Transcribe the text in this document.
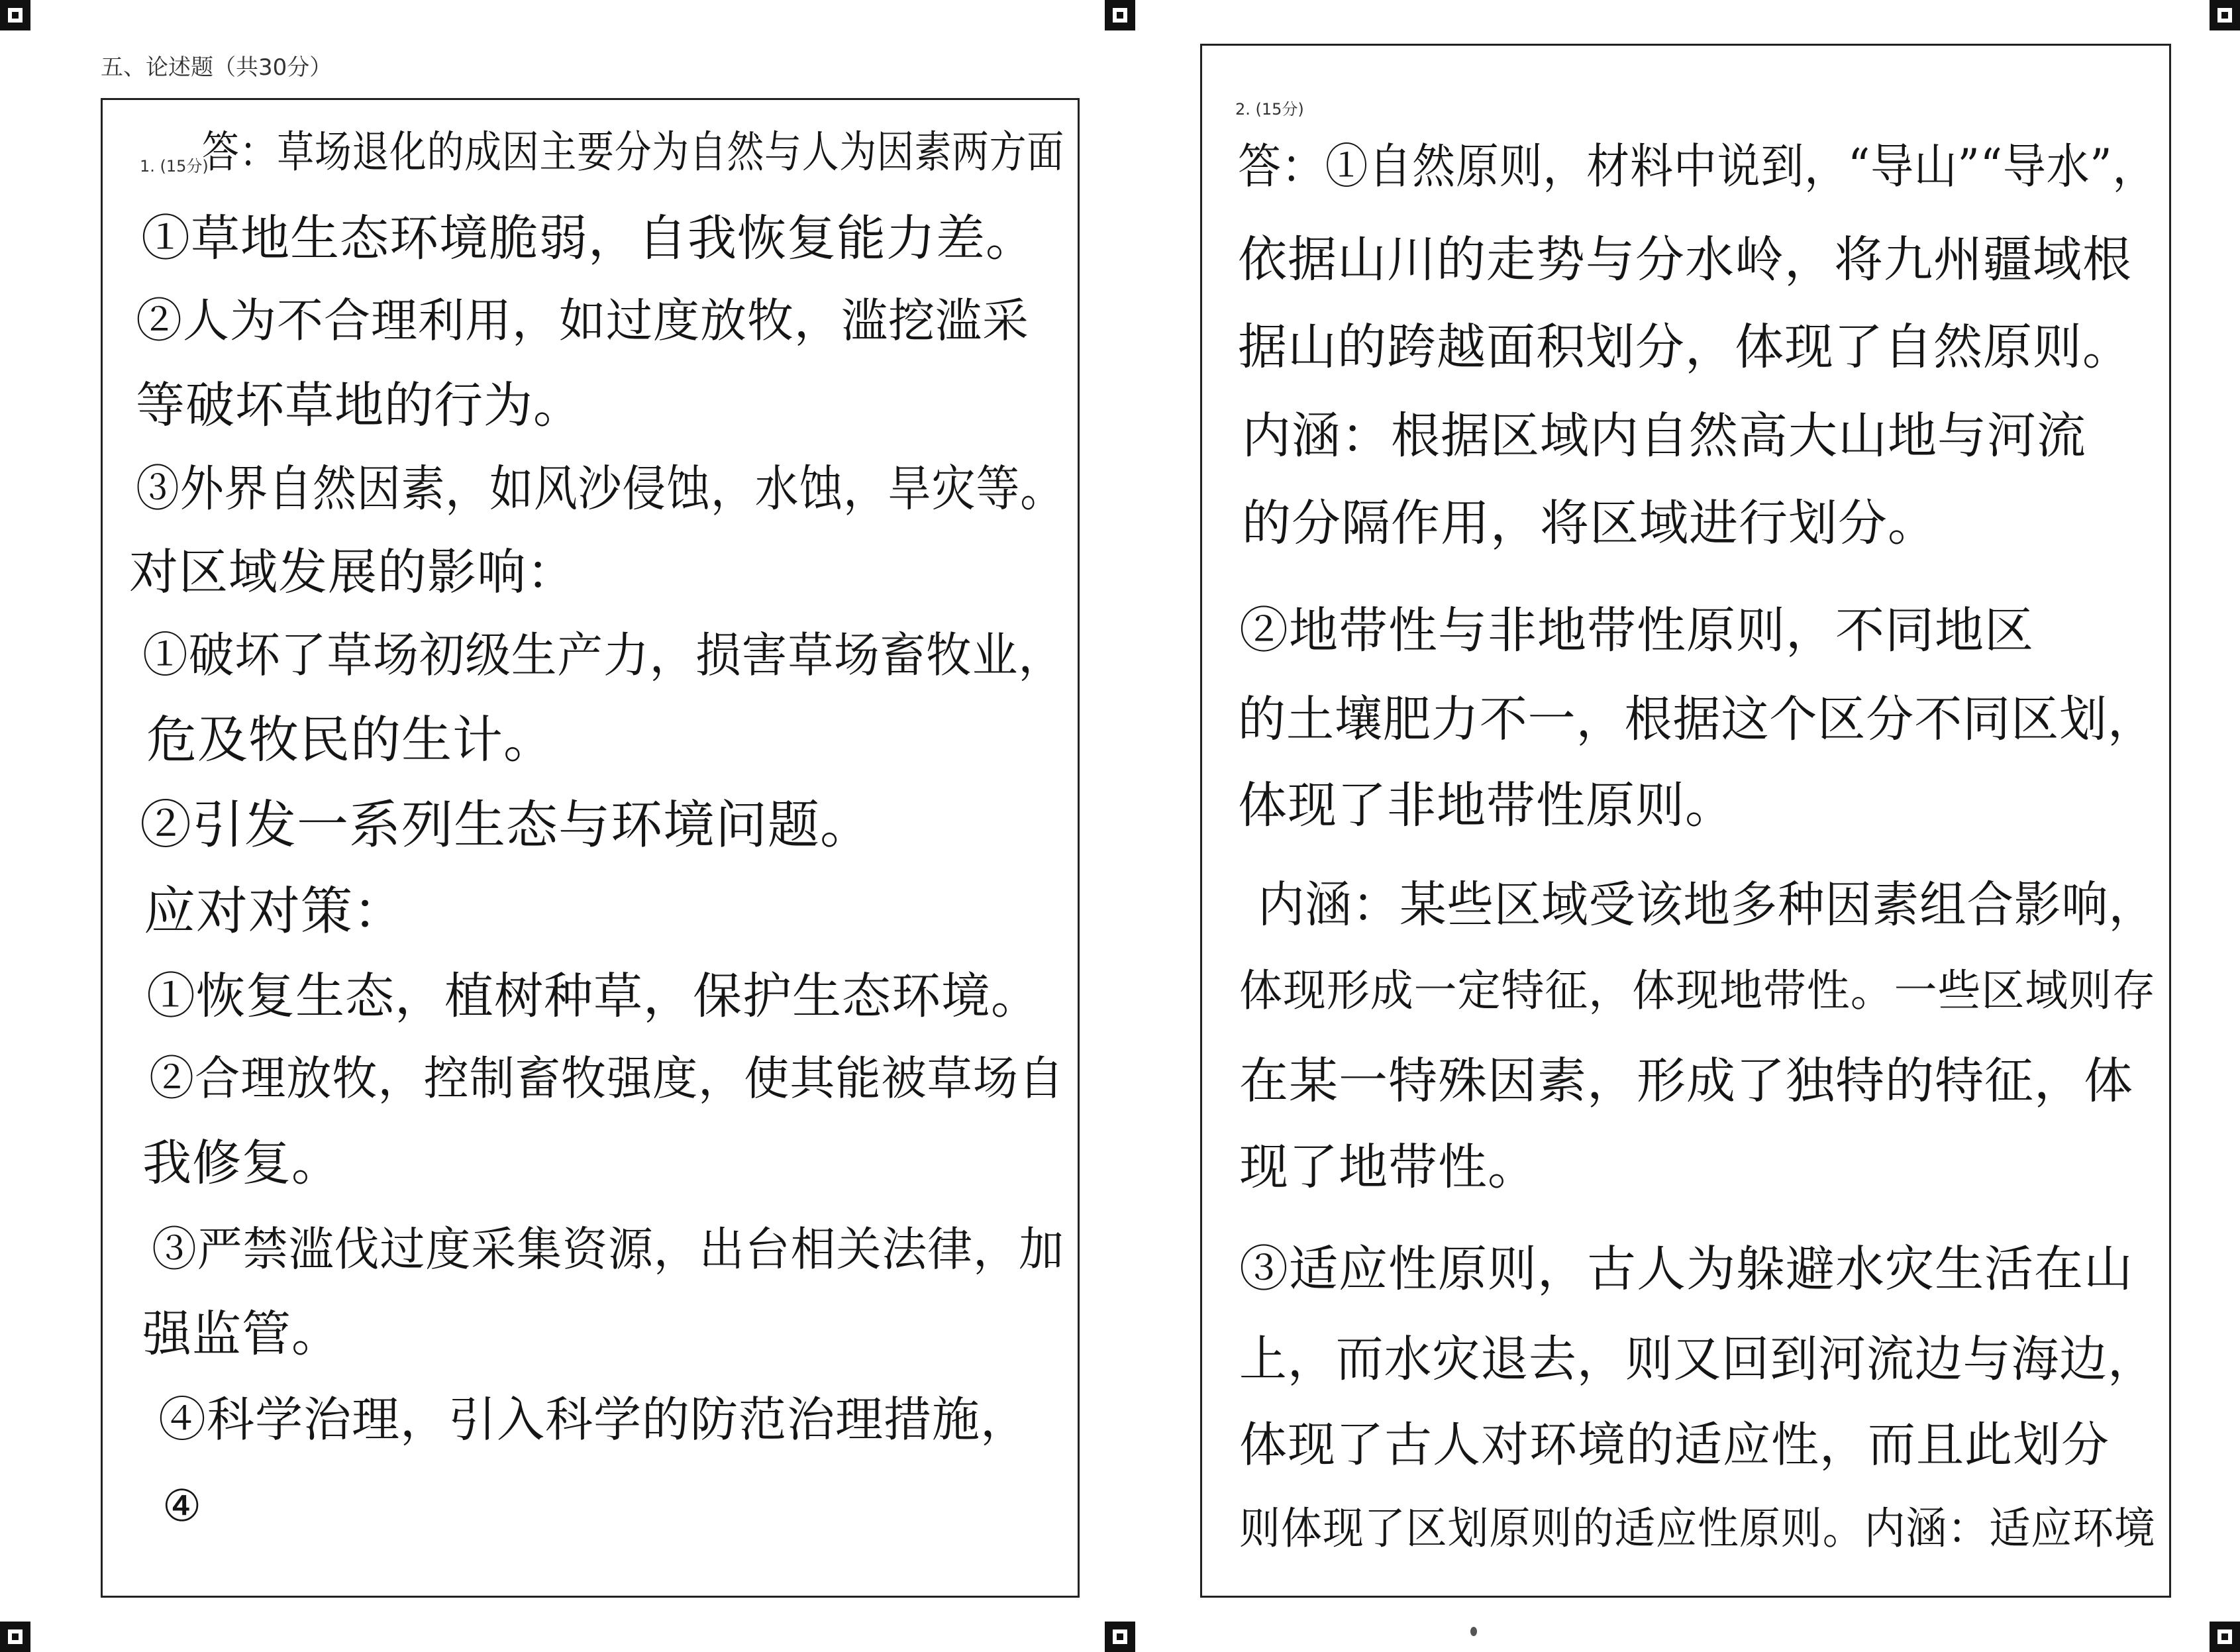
五、论述题（共30分）
1. (15分)
答：草场退化的成因主要分为自然与人为因素两方面
①草地生态环境脆弱，自我恢复能力差。
②人为不合理利用，如过度放牧，滥挖滥采
等破坏草地的行为。
③外界自然因素，如风沙侵蚀，水蚀，旱灾等。
对区域发展的影响：
①破坏了草场初级生产力，损害草场畜牧业，
危及牧民的生计。
②引发一系列生态与环境问题。
应对对策：
①恢复生态，植树种草，保护生态环境。
②合理放牧，控制畜牧强度，使其能被草场自
我修复。
③严禁滥伐过度采集资源，出台相关法律，加
强监管。
④科学治理，引入科学的防范治理措施，
④
2. (15分)
答：①自然原则，材料中说到，“导山”“导水”，
依据山川的走势与分水岭，将九州疆域根
据山的跨越面积划分，体现了自然原则。
内涵：根据区域内自然高大山地与河流
的分隔作用，将区域进行划分。
②地带性与非地带性原则，不同地区
的土壤肥力不一，根据这个区分不同区划，
体现了非地带性原则。
内涵：某些区域受该地多种因素组合影响，
体现形成一定特征，体现地带性。一些区域则存
在某一特殊因素，形成了独特的特征，体
现了地带性。
③适应性原则，古人为躲避水灾生活在山
上，而水灾退去，则又回到河流边与海边，
体现了古人对环境的适应性，而且此划分
则体现了区划原则的适应性原则。内涵：适应环境
